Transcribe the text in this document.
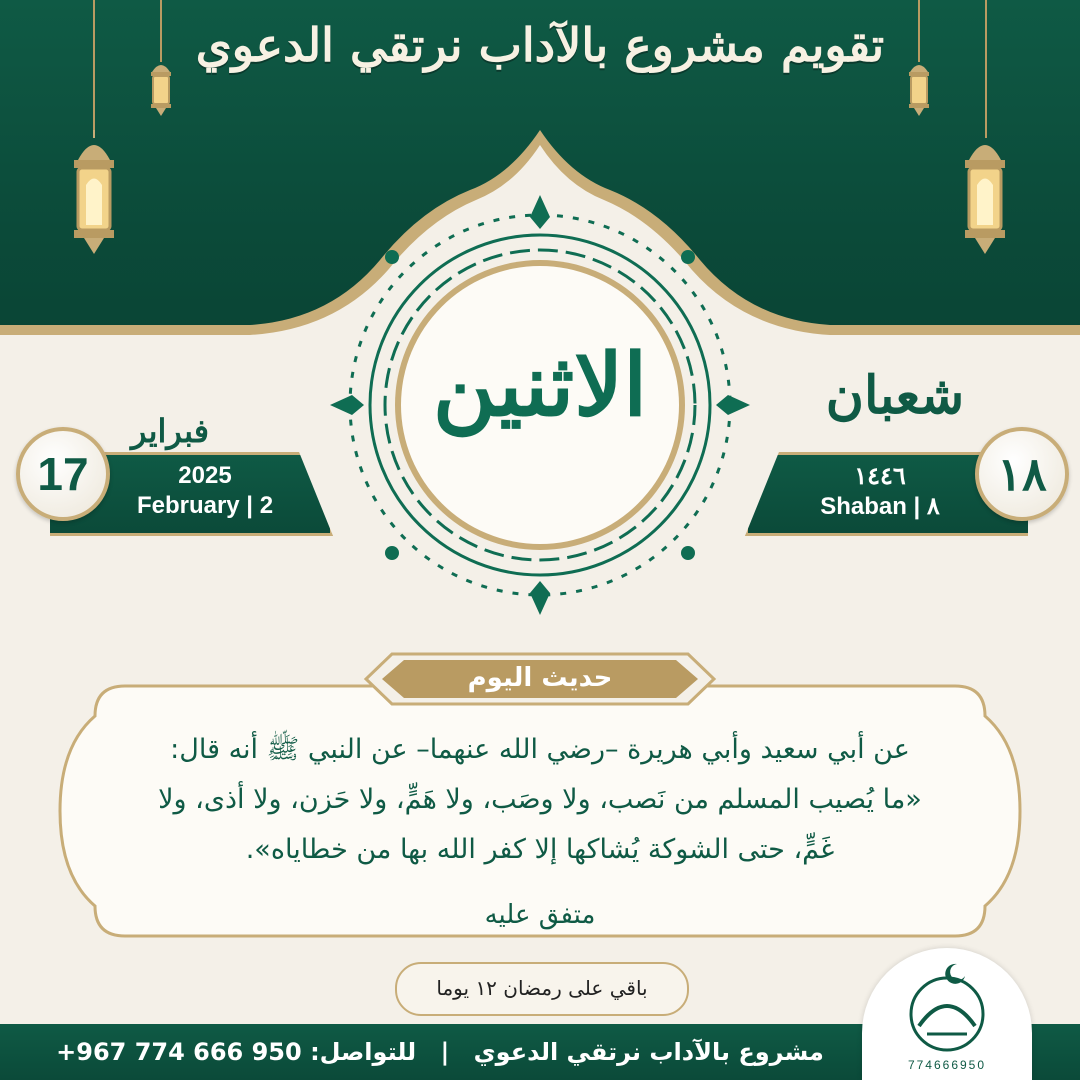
تقويم مشروع بالآداب نرتقي الدعوي
الاثنين
فبراير
2025
February | 2
17
شعبان
١٤٤٦
Shaban | ٨
١٨
حديث اليوم
عن أبي سعيد وأبي هريرة –رضي الله عنهما– عن النبي ﷺ أنه قال: «ما يُصيب المسلم من نَصب، ولا وصَب، ولا هَمٍّ، ولا حَزن، ولا أذى، ولا غَمٍّ، حتى الشوكة يُشاكها إلا كفر الله بها من خطاياه».
متفق عليه
باقي على رمضان ١٢ يوما
مشروع بالآداب نرتقي الدعوي | للتواصل: +967 774 666 950	774666950
